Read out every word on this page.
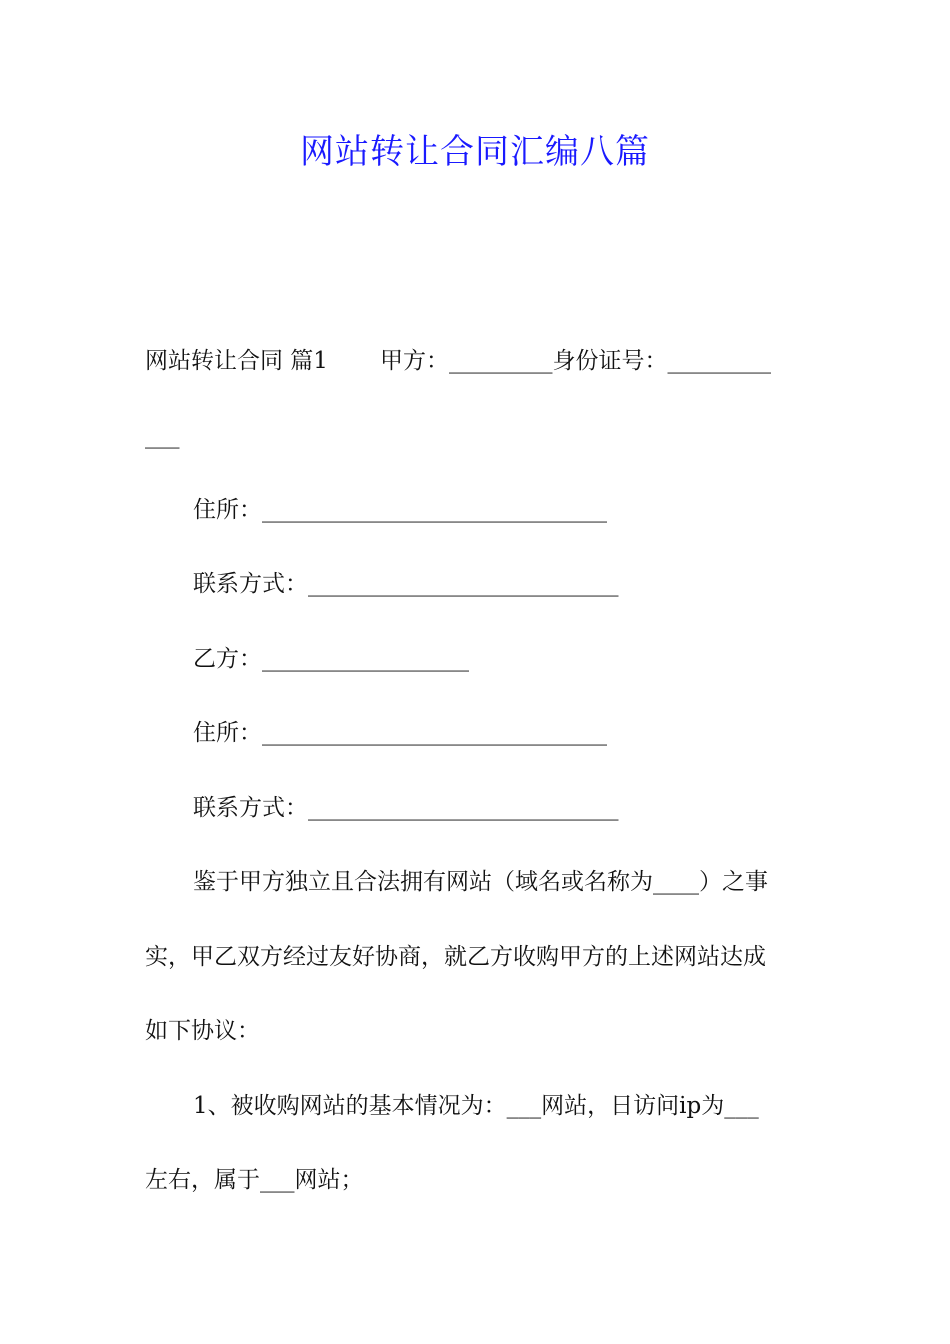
网站转让合同汇编八篇
网站转让合同 篇1 甲方：_________身份证号：_________
___
住所：______________________________
联系方式：___________________________
乙方：__________________
住所：______________________________
联系方式：___________________________
鉴于甲方独立且合法拥有网站（域名或名称为____）之事
实，甲乙双方经过友好协商，就乙方收购甲方的上述网站达成
如下协议：
1、被收购网站的基本情况为：___网站，日访问ip为___
左右，属于___网站；
